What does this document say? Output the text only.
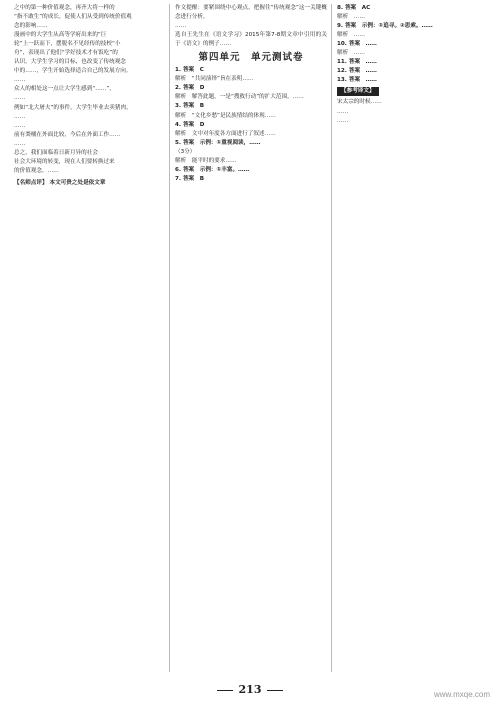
之中的第一种价值观念，再齐大将一样的

“指不敢生”的成长，促使人们从受到传统价值观

念的影响……

漫画中的大学生从高等学府出来的“巨

轮”上一跃而下，摆脱名不见经传的技校“小

舟”，表现出了他们“学好技术才有饭吃”的

认识。大学生学习的目标，也改变了传统观念

中的……，学生开始选择适合自己的发展方向。

……

众人的相处这一点让大学生感到“……”，

……

例如“北大屠夫”的事件，大学生毕业去卖猪肉，

……

……

前有粪桶在外面比较，今后在外面工作……

……

总之，我们面临着日新月异的社会

社会大环境的转变，现在人们要转换过来

的价值观念，……

【名师点评】 本文可贵之处是依文章

作文提醒：要紧围绕中心观点，把握住“传统观念”这一关键概念进行分析，

……

选自王先生在《语文学习》2015年第7-8期文章中引用的关于《语文》的例子……

第四单元　单元测试卷

1. 答案　C

解析　“共同演绎”旨在表明……

2. 答案　D

解析　解答此题，一是“搜救行动”的扩大范围，……

3. 答案　B

解析　“文化乡愁”是民族情结的体现……

4. 答案　D

解析　文中对年度各方面进行了叙述……

5. 答案　示例：①重视阅读，……

（3分）

解析　能平时的要求……

6. 答案　示例：①丰富。……

7. 答案　B

8. 答案　AC

解析　……

9. 答案　示例：①追寻。②思索。……

解析　……

10. 答案　……

解析　……

11. 答案　……

12. 答案　……

13. 答案　……

【参考译文】

宋太宗的时候……

……

……

213	www.mxqe.com
